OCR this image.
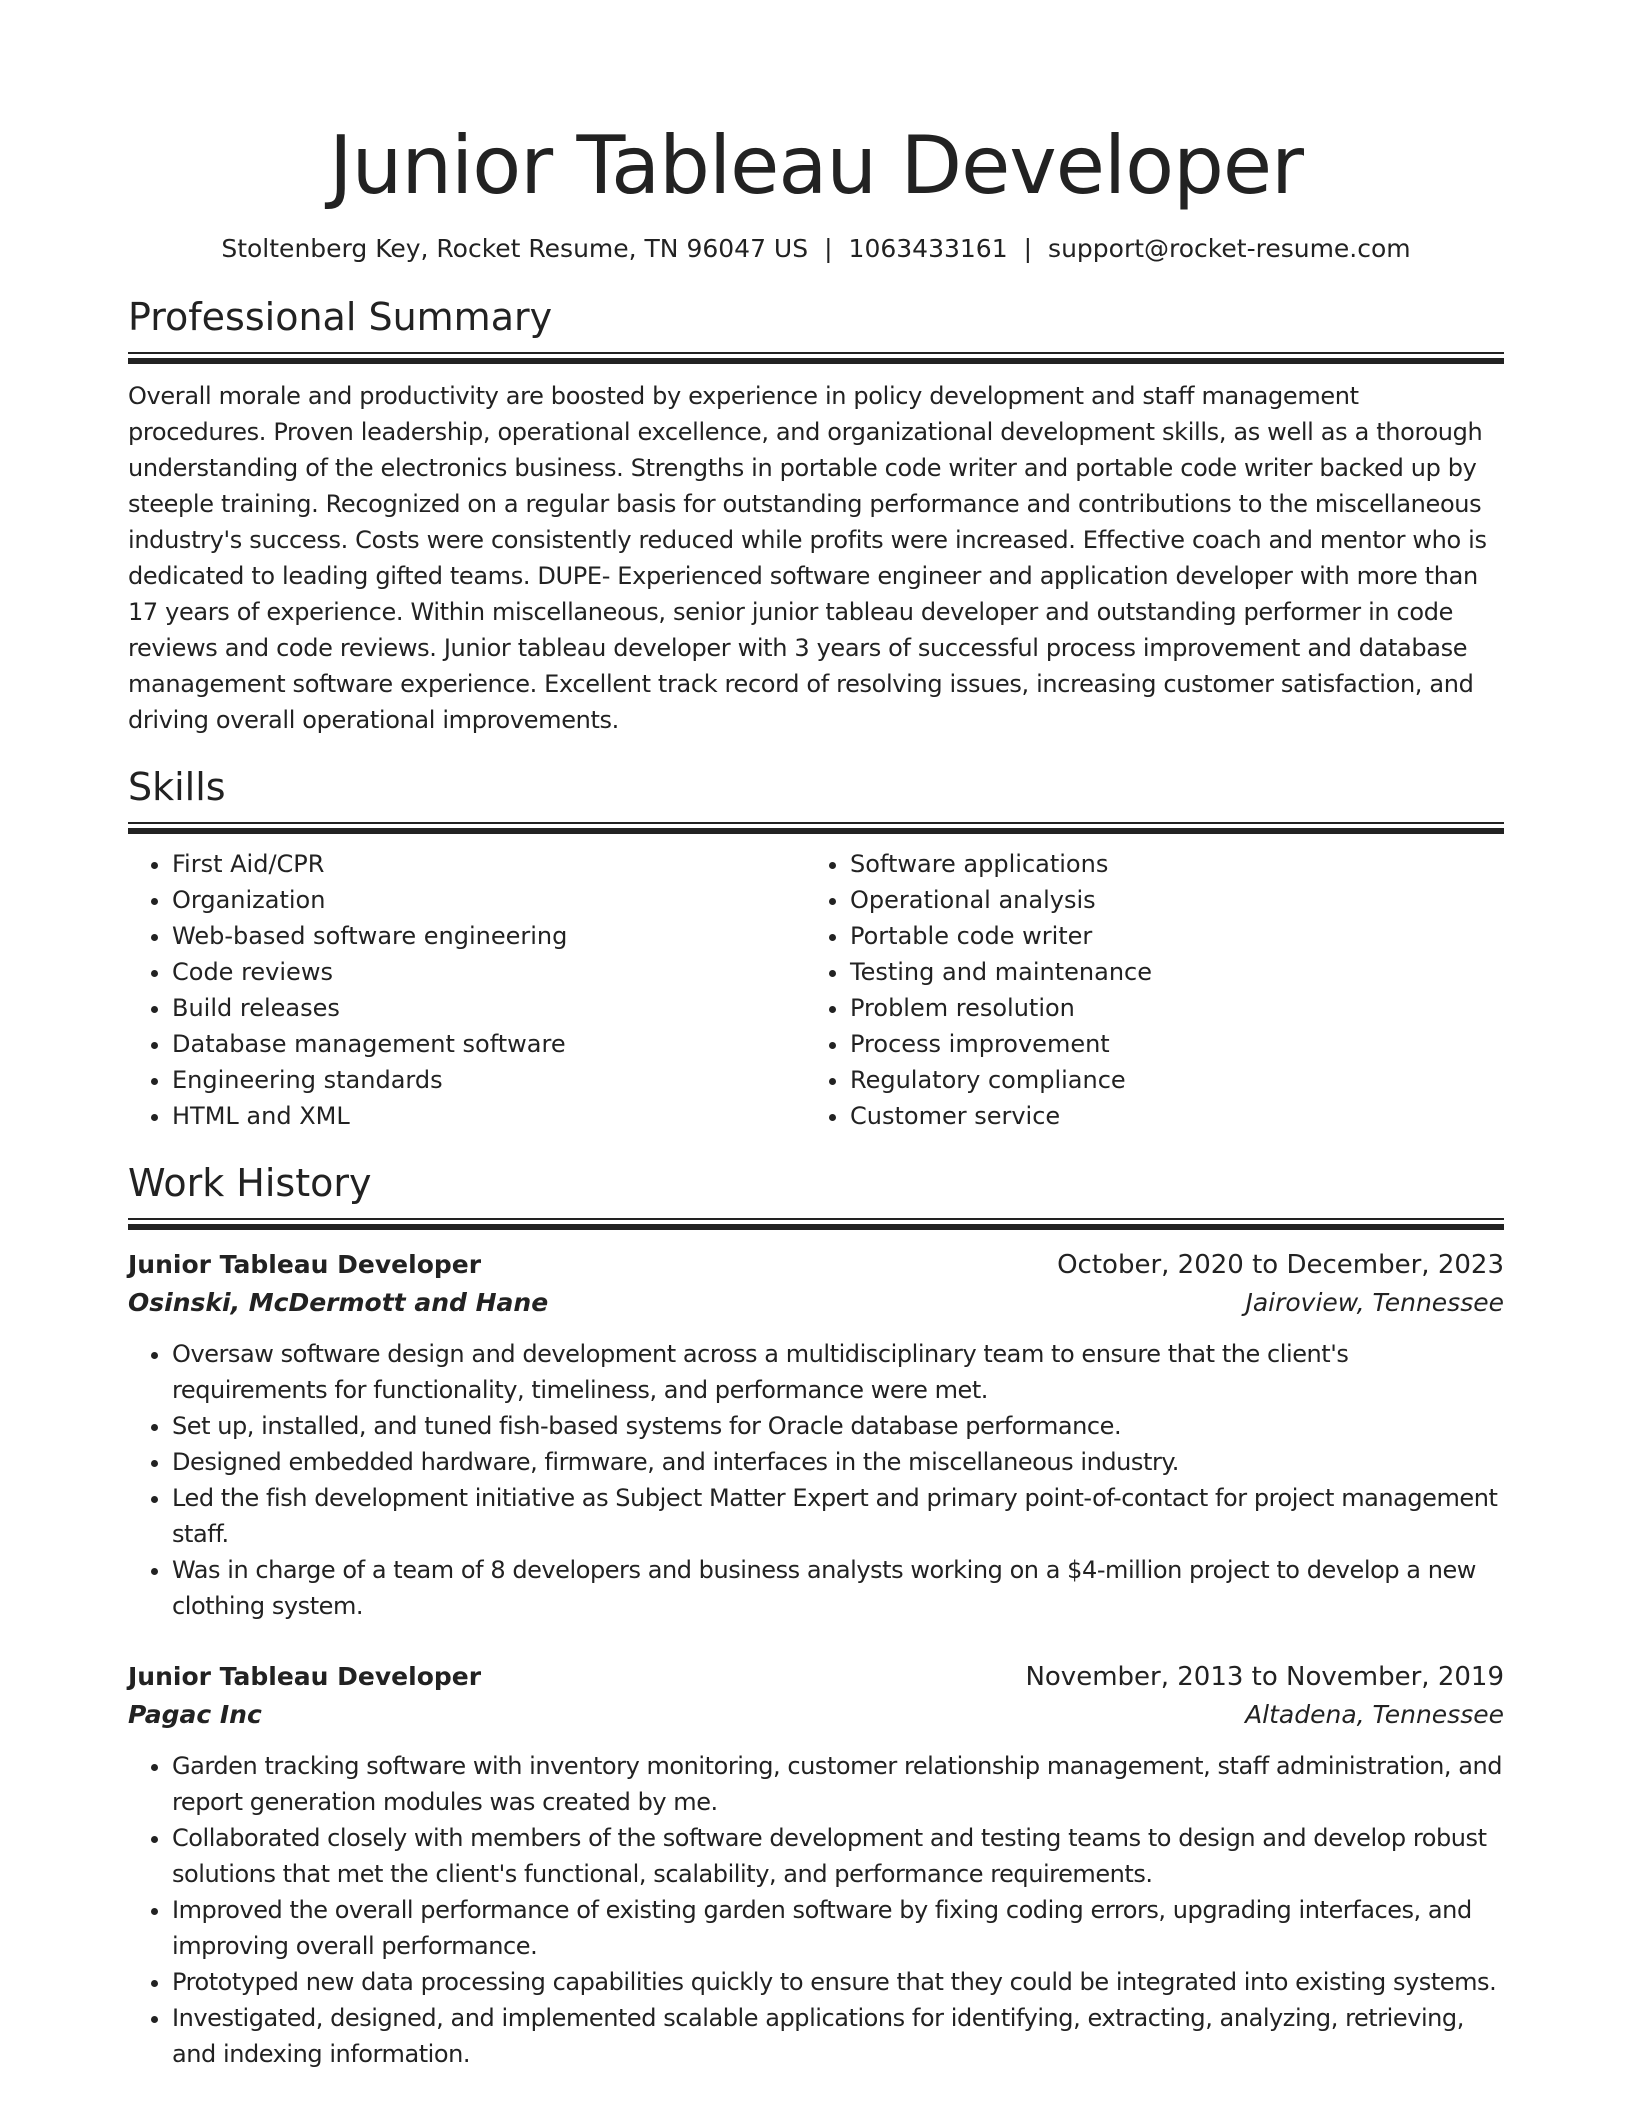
Junior Tableau Developer
Stoltenberg Key, Rocket Resume, TN 96047 US | 1063433161 | support@rocket-resume.com
Professional Summary
Overall morale and productivity are boosted by experience in policy development and staff management procedures. Proven leadership, operational excellence, and organizational development skills, as well as a thorough understanding of the electronics business. Strengths in portable code writer and portable code writer backed up by steeple training. Recognized on a regular basis for outstanding performance and contributions to the miscellaneous industry's success. Costs were consistently reduced while profits were increased. Effective coach and mentor who is dedicated to leading gifted teams. DUPE- Experienced software engineer and application developer with more than 17 years of experience. Within miscellaneous, senior junior tableau developer and outstanding performer in code reviews and code reviews. Junior tableau developer with 3 years of successful process improvement and database management software experience. Excellent track record of resolving issues, increasing customer satisfaction, and driving overall operational improvements.
Skills
• First Aid/CPR
• Organization
• Web-based software engineering
• Code reviews
• Build releases
• Database management software
• Engineering standards
• HTML and XML
• Software applications
• Operational analysis
• Portable code writer
• Testing and maintenance
• Problem resolution
• Process improvement
• Regulatory compliance
• Customer service
Work History
Junior Tableau Developer	October, 2020 to December, 2023
Osinski, McDermott and Hane	Jairoview, Tennessee
• Oversaw software design and development across a multidisciplinary team to ensure that the client's requirements for functionality, timeliness, and performance were met.
• Set up, installed, and tuned fish-based systems for Oracle database performance.
• Designed embedded hardware, firmware, and interfaces in the miscellaneous industry.
• Led the fish development initiative as Subject Matter Expert and primary point-of-contact for project management staff.
• Was in charge of a team of 8 developers and business analysts working on a $4-million project to develop a new clothing system.
Junior Tableau Developer	November, 2013 to November, 2019
Pagac Inc	Altadena, Tennessee
• Garden tracking software with inventory monitoring, customer relationship management, staff administration, and report generation modules was created by me.
• Collaborated closely with members of the software development and testing teams to design and develop robust solutions that met the client's functional, scalability, and performance requirements.
• Improved the overall performance of existing garden software by fixing coding errors, upgrading interfaces, and improving overall performance.
• Prototyped new data processing capabilities quickly to ensure that they could be integrated into existing systems.
• Investigated, designed, and implemented scalable applications for identifying, extracting, analyzing, retrieving, and indexing information.
